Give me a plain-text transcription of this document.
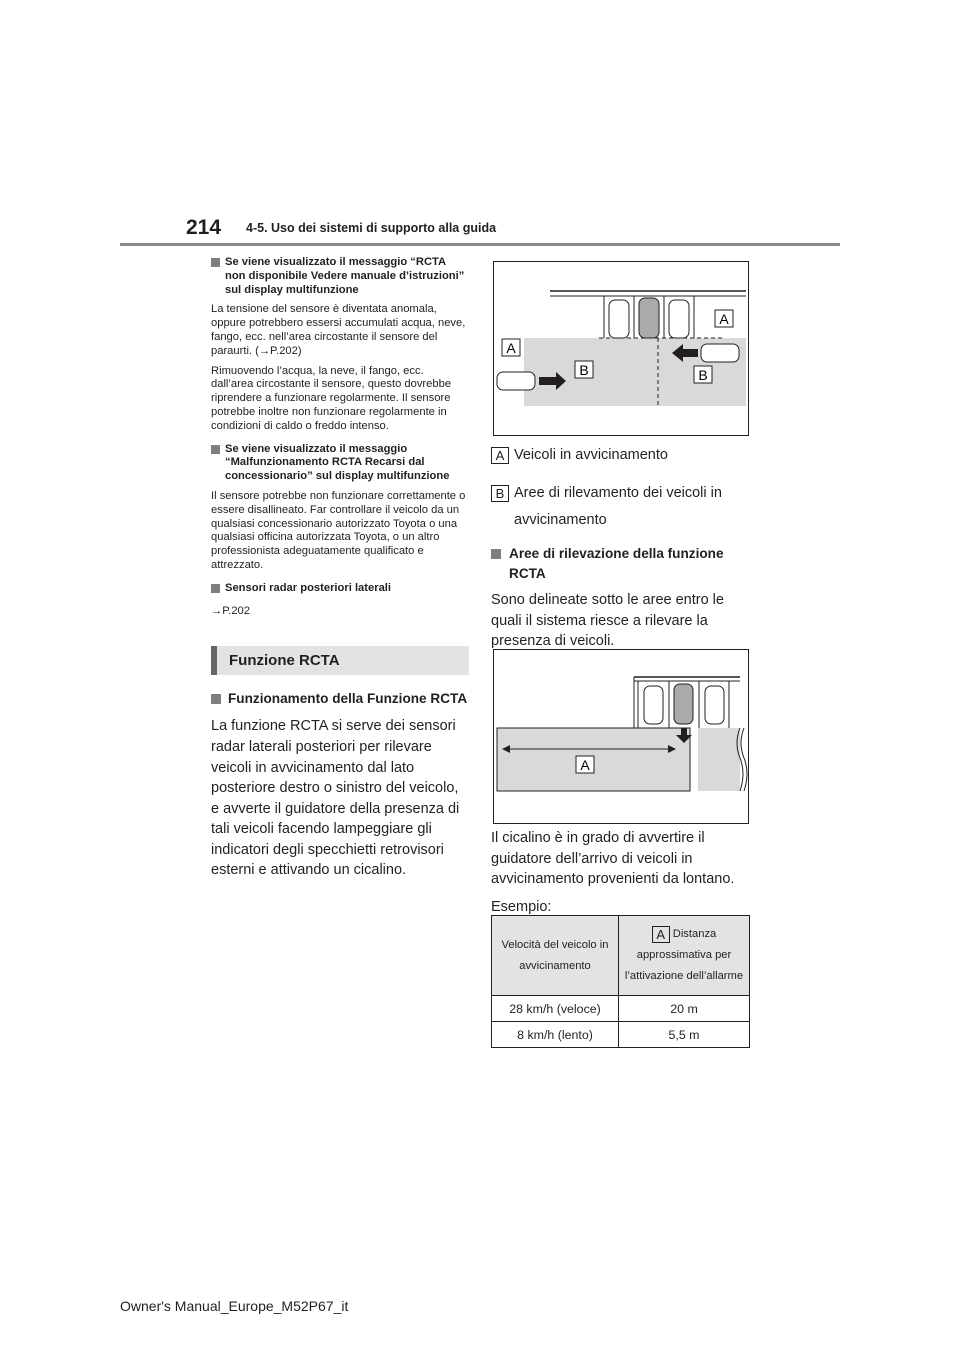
214 4-5. Uso dei sistemi di supporto alla guida
Se viene visualizzato il messaggio “RCTA non disponibile Vedere manuale d’istruzioni” sul display multifunzione

La tensione del sensore è diventata anomala, oppure potrebbero essersi accumulati acqua, neve, fango, ecc. nell’area circostante il sensore del paraurti. (→P.202)

Rimuovendo l’acqua, la neve, il fango, ecc. dall’area circostante il sensore, questo dovrebbe riprendere a funzionare regolarmente. Il sensore potrebbe inoltre non funzionare regolarmente in condizioni di caldo o freddo intenso.

Se viene visualizzato il messaggio “Malfunzionamento RCTA Recarsi dal concessionario” sul display multifunzione

Il sensore potrebbe non funzionare correttamente o essere disallineato. Far controllare il veicolo da un qualsiasi concessionario autorizzato Toyota o una qualsiasi officina autorizzata Toyota, o un altro professionista adeguatamente qualificato e attrezzato.

Sensori radar posteriori laterali

→P.202

Funzione RCTA
Funzionamento della Funzione RCTA

La funzione RCTA si serve dei sensori radar laterali posteriori per rilevare veicoli in avvicinamento dal lato posteriore destro o sinistro del veicolo, e avverte il guidatore della presenza di tali veicoli facendo lampeggiare gli indicatori degli specchietti retrovisori esterni e attivando un cicalino.

A
A
B	B
A Veicoli in avvicinamento
B Aree di rilevamento dei veicoli in avvicinamento
Aree di rilevazione della funzione RCTA

Sono delineate sotto le aree entro le quali il sistema riesce a rilevare la presenza di veicoli.

A

Il cicalino è in grado di avvertire il guidatore dell’arrivo di veicoli in avvicinamento provenienti da lontano.

Esempio:

Velocità del veicolo in avvicinamento	A Distanza approssimativa per l’attivazione dell’allarme
28 km/h (veloce)	20 m
8 km/h (lento)	5,5 m
Owner's Manual_Europe_M52P67_it
